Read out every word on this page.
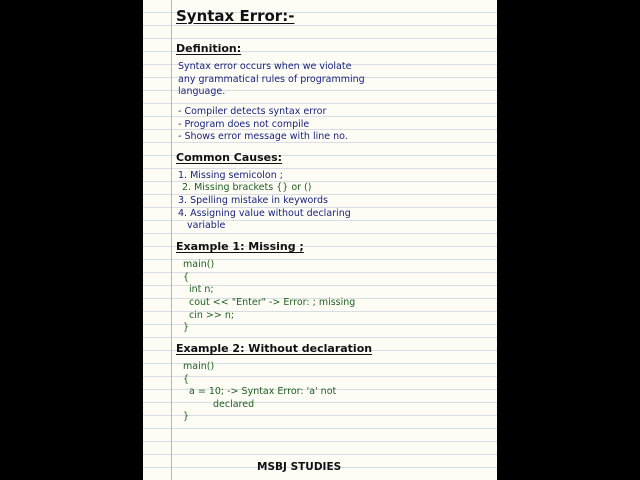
Syntax Error:-
Definition:
Syntax error occurs when we violate
any grammatical rules of programming
language.
- Compiler detects syntax error
- Program does not compile
- Shows error message with line no.
Common Causes:
1. Missing semicolon ;
2. Missing brackets {} or ()
3. Spelling mistake in keywords
4. Assigning value without declaring
variable
Example 1: Missing ;
main()
{
int n;
cout << "Enter" -> Error: ; missing
cin >> n;
}
Example 2: Without declaration
main()
{
a = 10; -> Syntax Error: 'a' not
declared
}
MSBJ STUDIES
